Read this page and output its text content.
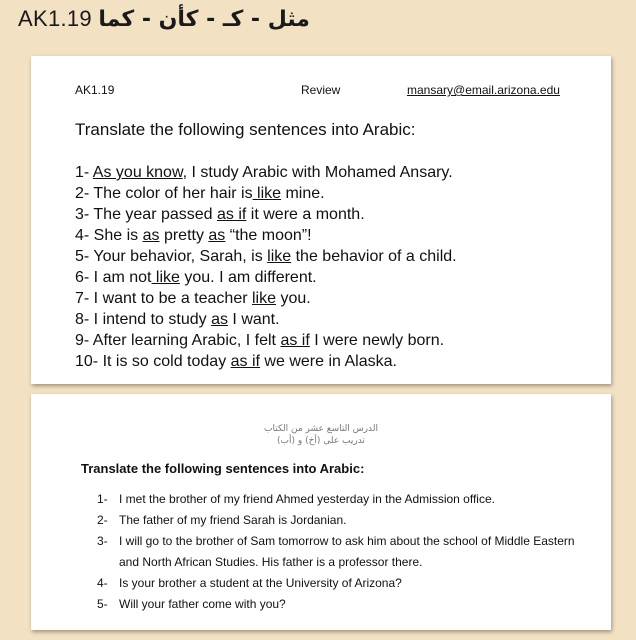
AK1.19 مثل - كـ - كأن - كما
AK1.19	Review	mansary@email.arizona.edu
Translate the following sentences into Arabic:
1- As you know, I study Arabic with Mohamed Ansary.
2- The color of her hair is like mine.
3- The year passed as if it were a month.
4- She is as pretty as “the moon”!
5- Your behavior, Sarah, is like the behavior of a child.
6- I am not like you. I am different.
7- I want to be a teacher like you.
8- I intend to study as I want.
9- After learning Arabic, I felt as if I were newly born.
10- It is so cold today as if we were in Alaska.
الدرس التاسع عشر من الكتاب
تدريب على (أخ) و (أب)
Translate the following sentences into Arabic:
1- I met the brother of my friend Ahmed yesterday in the Admission office.
2- The father of my friend Sarah is Jordanian.
3- I will go to the brother of Sam tomorrow to ask him about the school of Middle Eastern and North African Studies. His father is a professor there.
4- Is your brother a student at the University of Arizona?
5- Will your father come with you?
